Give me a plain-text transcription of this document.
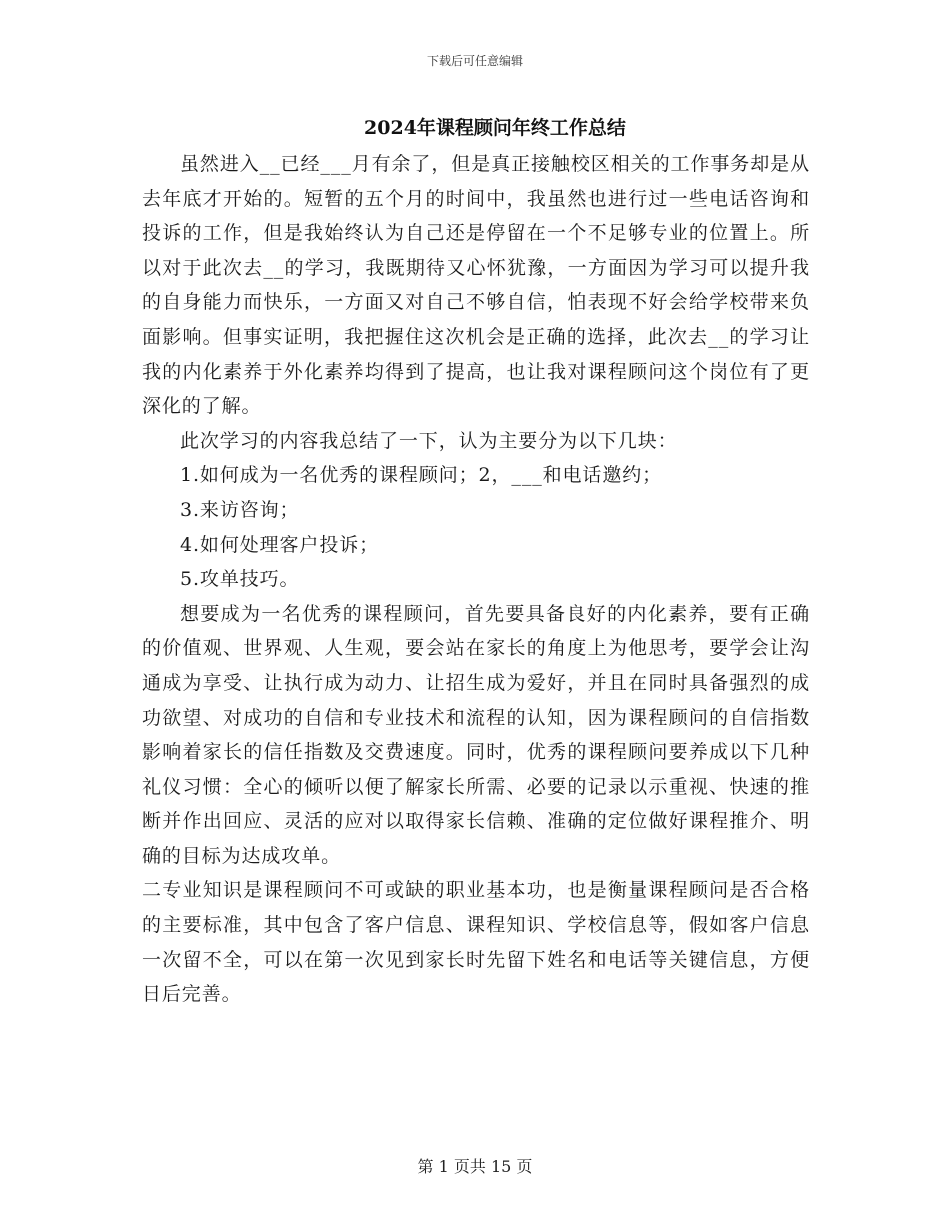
下载后可任意编辑
2024年课程顾问年终工作总结

虽然进入__已经___月有余了，但是真正接触校区相关的工作事务却是从去年底才开始的。短暂的五个月的时间中，我虽然也进行过一些电话咨询和投诉的工作，但是我始终认为自己还是停留在一个不足够专业的位置上。所以对于此次去__的学习，我既期待又心怀犹豫，一方面因为学习可以提升我的自身能力而快乐，一方面又对自己不够自信，怕表现不好会给学校带来负面影响。但事实证明，我把握住这次机会是正确的选择，此次去__的学习让我的内化素养于外化素养均得到了提高，也让我对课程顾问这个岗位有了更深化的了解。

此次学习的内容我总结了一下，认为主要分为以下几块：

1.如何成为一名优秀的课程顾问；2，___和电话邀约；

3.来访咨询；

4.如何处理客户投诉；

5.攻单技巧。

想要成为一名优秀的课程顾问，首先要具备良好的内化素养，要有正确的价值观、世界观、人生观，要会站在家长的角度上为他思考，要学会让沟通成为享受、让执行成为动力、让招生成为爱好，并且在同时具备强烈的成功欲望、对成功的自信和专业技术和流程的认知，因为课程顾问的自信指数影响着家长的信任指数及交费速度。同时，优秀的课程顾问要养成以下几种礼仪习惯：全心的倾听以便了解家长所需、必要的记录以示重视、快速的推断并作出回应、灵活的应对以取得家长信赖、准确的定位做好课程推介、明确的目标为达成攻单。

二专业知识是课程顾问不可或缺的职业基本功，也是衡量课程顾问是否合格的主要标准，其中包含了客户信息、课程知识、学校信息等，假如客户信息一次留不全，可以在第一次见到家长时先留下姓名和电话等关键信息，方便日后完善。

第 1 页共 15 页
